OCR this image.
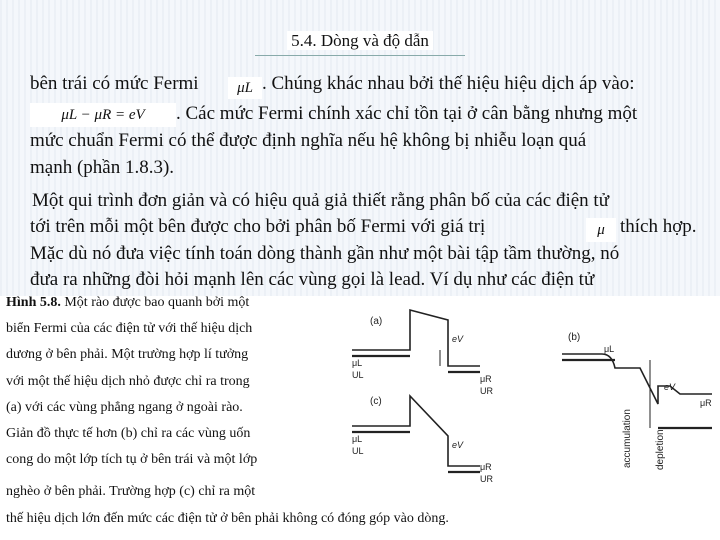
5.4. Dòng và độ dẫn
bên trái có mức Fermi	μL . Chúng khác nhau bởi thế hiệu hiệu dịch áp vào:
μL − μR = eV	. Các mức Fermi chính xác chỉ tồn tại ở cân bằng nhưng một
mức chuẩn Fermi có thể được định nghĩa nếu hệ không bị nhiễu loạn quá
mạnh (phần 1.8.3).
Một qui trình đơn giản và có hiệu quả giả thiết rằng phân bố của các điện tử
tới trên mỗi một bên được cho bởi phân bố Fermi với giá trị	μ thích hợp.
Mặc dù nó đưa việc tính toán dòng thành gần như một bài tập tầm thường, nó
đưa ra những đòi hỏi mạnh lên các vùng gọi là lead. Ví dụ như các điện tử
Hình 5.8. Một rào được bao quanh bởi một
biển Fermi của các điện tử với thế hiệu dịch
dương ở bên phải. Một trường hợp lí tưởng
với một thế hiệu dịch nhỏ được chỉ ra trong
(a) với các vùng phẳng ngang ở ngoài rào.
Giản đồ thực tế hơn (b) chỉ ra các vùng uốn
cong do một lớp tích tụ ở bên trái và một lớp
nghèo ở bên phải. Trường hợp (c) chỉ ra một
thế hiệu dịch lớn đến mức các điện tử ở bên phải không có đóng góp vào dòng.
(a)
eV
μL
UL	μR
UR
(c)
eV
μL
UL
μR
UR
(b)
eV
μL
μR
accumulation depletion
